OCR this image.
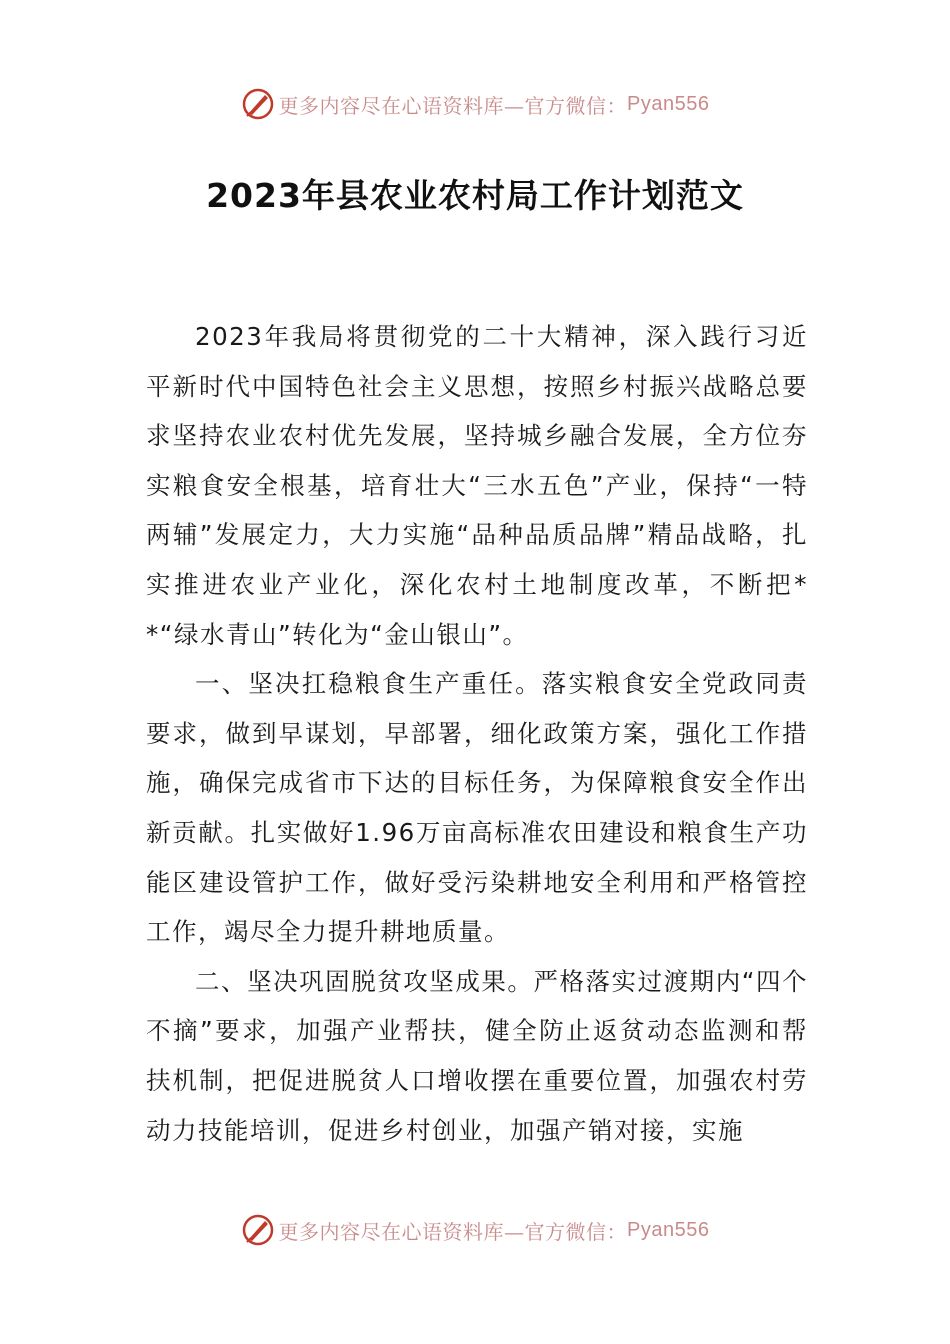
更多内容尽在心语资料库—官方微信： Pyan556
2023年县农业农村局工作计划范文

2023年我局将贯彻党的二十大精神，深入践行习近平新时代中国特色社会主义思想，按照乡村振兴战略总要求坚持农业农村优先发展，坚持城乡融合发展，全方位夯实粮食安全根基，培育壮大“三水五色”产业，保持“一特两辅”发展定力，大力实施“品种品质品牌”精品战略，扎实推进农业产业化，深化农村土地制度改革，不断把**“绿水青山”转化为“金山银山”。

一、坚决扛稳粮食生产重任。落实粮食安全党政同责要求，做到早谋划，早部署，细化政策方案，强化工作措施，确保完成省市下达的目标任务，为保障粮食安全作出新贡献。扎实做好1.96万亩高标准农田建设和粮食生产功能区建设管护工作，做好受污染耕地安全利用和严格管控工作，竭尽全力提升耕地质量。

二、坚决巩固脱贫攻坚成果。严格落实过渡期内“四个不摘”要求，加强产业帮扶，健全防止返贫动态监测和帮扶机制，把促进脱贫人口增收摆在重要位置，加强农村劳动力技能培训，促进乡村创业，加强产销对接，实施

更多内容尽在心语资料库—官方微信： Pyan556
